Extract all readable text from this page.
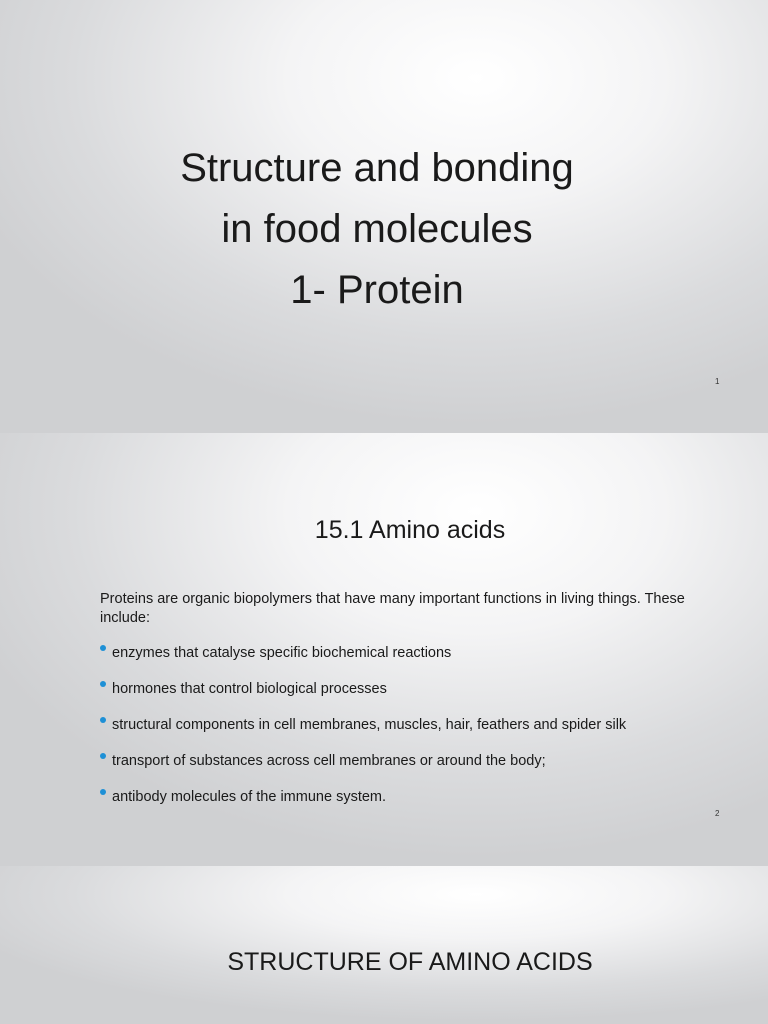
Structure and bonding
in food molecules
1- Protein
1
15.1 Amino acids
Proteins are organic biopolymers that have many important functions in living things. These include:
enzymes that catalyse specific biochemical reactions
hormones that control biological processes
structural components in cell membranes, muscles, hair, feathers and spider silk
transport of substances across cell membranes or around the body;
antibody molecules of the immune system.
2
STRUCTURE OF AMINO ACIDS
